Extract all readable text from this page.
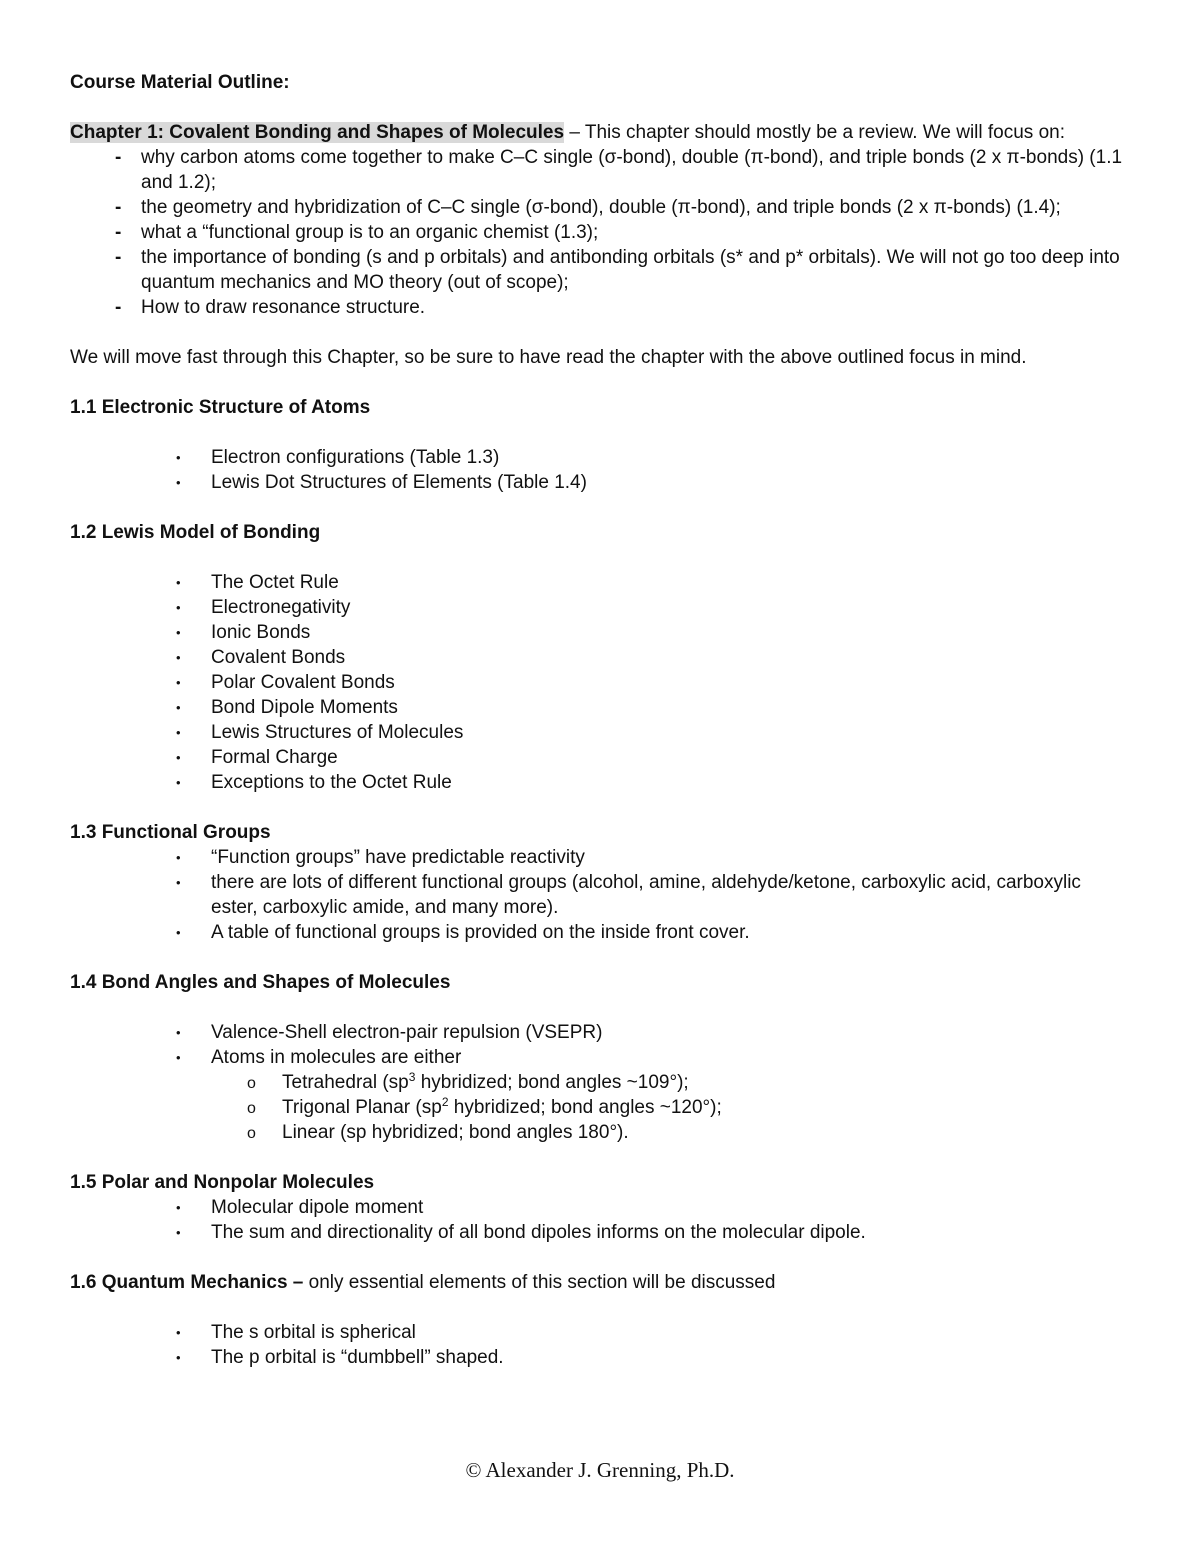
Course Material Outline:

Chapter 1: Covalent Bonding and Shapes of Molecules – This chapter should mostly be a review. We will focus on:

- why carbon atoms come together to make C–C single (σ-bond), double (π-bond), and triple bonds (2 x π-bonds) (1.1 and 1.2);
- the geometry and hybridization of C–C single (σ-bond), double (π-bond), and triple bonds (2 x π-bonds) (1.4);
- what a “functional group is to an organic chemist (1.3);
- the importance of bonding (s and p orbitals) and antibonding orbitals (s* and p* orbitals). We will not go too deep into quantum mechanics and MO theory (out of scope);
- How to draw resonance structure.

We will move fast through this Chapter, so be sure to have read the chapter with the above outlined focus in mind.

1.1 Electronic Structure of Atoms

• Electron configurations (Table 1.3)
• Lewis Dot Structures of Elements (Table 1.4)

1.2 Lewis Model of Bonding

• The Octet Rule
• Electronegativity
• Ionic Bonds
• Covalent Bonds
• Polar Covalent Bonds
• Bond Dipole Moments
• Lewis Structures of Molecules
• Formal Charge
• Exceptions to the Octet Rule

1.3 Functional Groups

• “Function groups” have predictable reactivity
• there are lots of different functional groups (alcohol, amine, aldehyde/ketone, carboxylic acid, carboxylic ester, carboxylic amide, and many more).
• A table of functional groups is provided on the inside front cover.

1.4 Bond Angles and Shapes of Molecules

• Valence-Shell electron-pair repulsion (VSEPR)
• Atoms in molecules are either
o Tetrahedral ($sp^3$ hybridized; bond angles ~109°);
o Trigonal Planar ($sp^2$ hybridized; bond angles ~120°);
o Linear (sp hybridized; bond angles 180°).

1.5 Polar and Nonpolar Molecules

• Molecular dipole moment
• The sum and directionality of all bond dipoles informs on the molecular dipole.

1.6 Quantum Mechanics – only essential elements of this section will be discussed

• The s orbital is spherical
• The p orbital is “dumbbell” shaped.
© Alexander J. Grenning, Ph.D.
